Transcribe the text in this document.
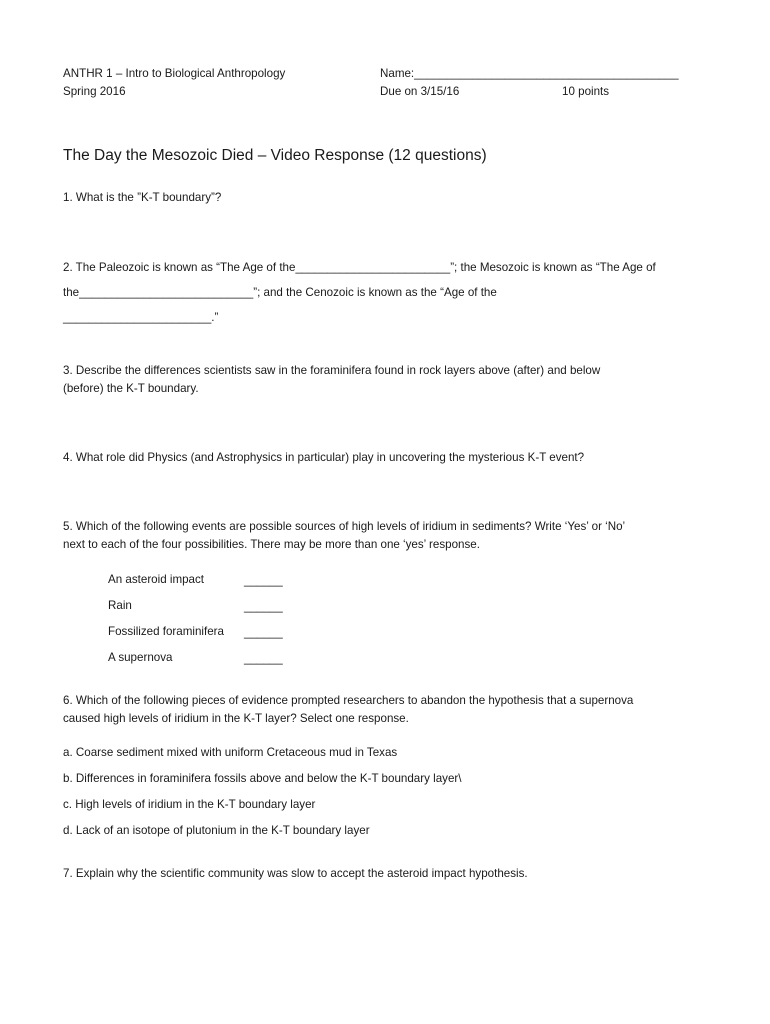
ANTHR 1 – Intro to Biological Anthropology
Spring 2016
Name:_________________________________________
Due on 3/15/16	10 points
The Day the Mesozoic Died – Video Response (12 questions)
1. What is the ”K-T boundary”?
2. The Paleozoic is known as “The Age of the________________________”; the Mesozoic is known as “The Age of
the___________________________”; and the Cenozoic is known as the “Age of the
_______________________.”
3. Describe the differences scientists saw in the foraminifera found in rock layers above (after) and below
(before) the K-T boundary.
4. What role did Physics (and Astrophysics in particular) play in uncovering the mysterious K-T event?
5. Which of the following events are possible sources of high levels of iridium in sediments? Write ‘Yes’ or ‘No’
next to each of the four possibilities. There may be more than one ‘yes’ response.
An asteroid impact	______
Rain	______
Fossilized foraminifera ______
A supernova	______
6. Which of the following pieces of evidence prompted researchers to abandon the hypothesis that a supernova
caused high levels of iridium in the K-T layer? Select one response.
a. Coarse sediment mixed with uniform Cretaceous mud in Texas
b. Differences in foraminifera fossils above and below the K-T boundary layer\
c. High levels of iridium in the K-T boundary layer
d. Lack of an isotope of plutonium in the K-T boundary layer
7. Explain why the scientific community was slow to accept the asteroid impact hypothesis.
